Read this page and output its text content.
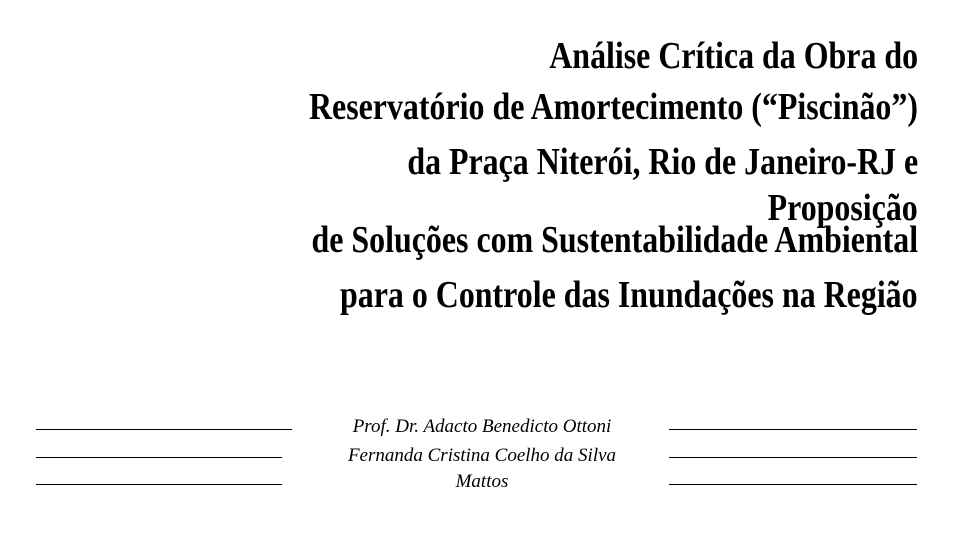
Análise Crítica da Obra do

Reservatório de Amortecimento (“Piscinão”)

da Praça Niterói, Rio de Janeiro-RJ e

Proposição

de Soluções com Sustentabilidade Ambiental

para o Controle das Inundações na Região

Prof. Dr. Adacto Benedicto Ottoni
Fernanda Cristina Coelho da Silva
Mattos
